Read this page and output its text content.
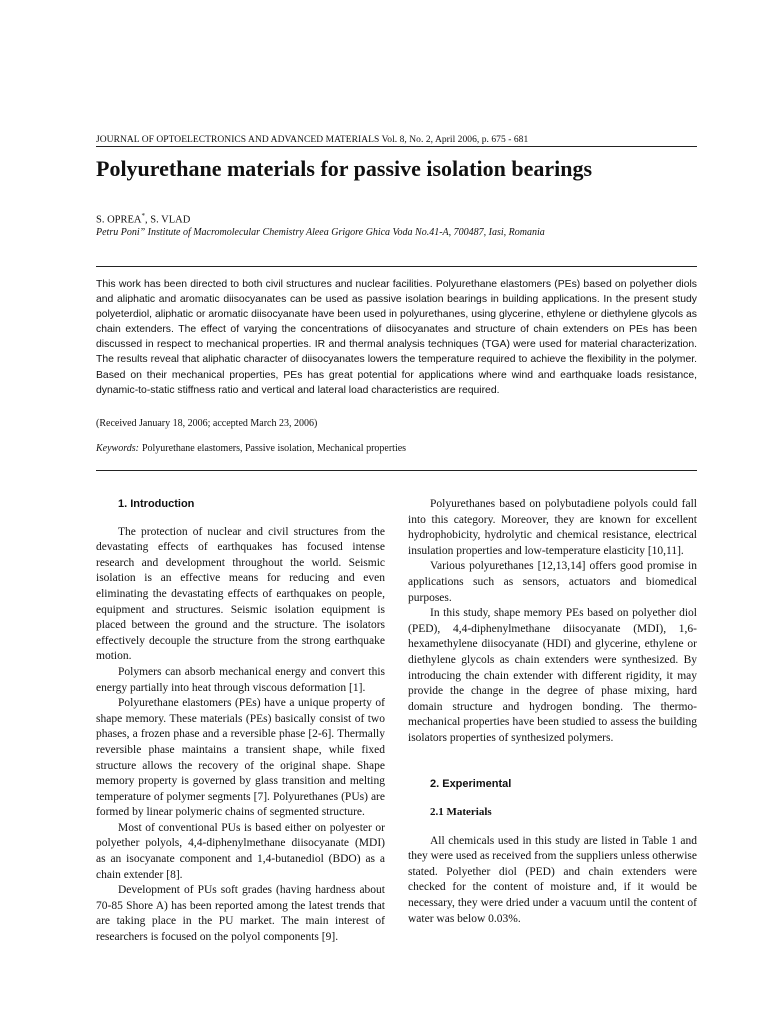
JOURNAL OF OPTOELECTRONICS AND ADVANCED MATERIALS Vol. 8, No. 2, April 2006, p. 675 - 681
Polyurethane materials for passive isolation bearings
S. OPREA*, S. VLAD
Petru Poni” Institute of Macromolecular Chemistry Aleea Grigore Ghica Voda No.41-A, 700487, Iasi, Romania

This work has been directed to both civil structures and nuclear facilities. Polyurethane elastomers (PEs) based on polyether diols and aliphatic and aromatic diisocyanates can be used as passive isolation bearings in building applications. In the present study polyeterdiol, aliphatic or aromatic diisocyanate have been used in polyurethanes, using glycerine, ethylene or diethylene glycols as chain extenders. The effect of varying the concentrations of diisocyanates and structure of chain extenders on PEs has been discussed in respect to mechanical properties. IR and thermal analysis techniques (TGA) were used for material characterization. The results reveal that aliphatic character of diisocyanates lowers the temperature required to achieve the flexibility in the polymer. Based on their mechanical properties, PEs has great potential for applications where wind and earthquake loads resistance, dynamic-to-static stiffness ratio and vertical and lateral load characteristics are required.

(Received January 18, 2006; accepted March 23, 2006)
Keywords: Polyurethane elastomers, Passive isolation, Mechanical properties
1. Introduction

The protection of nuclear and civil structures from the devastating effects of earthquakes has focused intense research and development throughout the world. Seismic isolation is an effective means for reducing and even eliminating the devastating effects of earthquakes on people, equipment and structures. Seismic isolation equipment is placed between the ground and the structure. The isolators effectively decouple the structure from the strong earthquake motion.

Polymers can absorb mechanical energy and convert this energy partially into heat through viscous deformation [1].

Polyurethane elastomers (PEs) have a unique property of shape memory. These materials (PEs) basically consist of two phases, a frozen phase and a reversible phase [2-6]. Thermally reversible phase maintains a transient shape, while fixed structure allows the recovery of the original shape. Shape memory property is governed by glass transition and melting temperature of polymer segments [7]. Polyurethanes (PUs) are formed by linear polymeric chains of segmented structure.

Most of conventional PUs is based either on polyester or polyether polyols, 4,4-diphenylmethane diisocyanate (MDI) as an isocyanate component and 1,4-butanediol (BDO) as a chain extender [8].

Development of PUs soft grades (having hardness about 70-85 Shore A) has been reported among the latest trends that are taking place in the PU market. The main interest of researchers is focused on the polyol components [9].

Polyurethanes based on polybutadiene polyols could fall into this category. Moreover, they are known for excellent hydrophobicity, hydrolytic and chemical resistance, electrical insulation properties and low-temperature elasticity [10,11].

Various polyurethanes [12,13,14] offers good promise in applications such as sensors, actuators and biomedical purposes.

In this study, shape memory PEs based on polyether diol (PED), 4,4-diphenylmethane diisocyanate (MDI), 1,6-hexamethylene diisocyanate (HDI) and glycerine, ethylene or diethylene glycols as chain extenders were synthesized. By introducing the chain extender with different rigidity, it may provide the change in the degree of phase mixing, hard domain structure and hydrogen bonding. The thermo-mechanical properties have been studied to assess the building isolators properties of synthesized polymers.

2. Experimental
2.1 Materials

All chemicals used in this study are listed in Table 1 and they were used as received from the suppliers unless otherwise stated. Polyether diol (PED) and chain extenders were checked for the content of moisture and, if it would be necessary, they were dried under a vacuum until the content of water was below 0.03%.
